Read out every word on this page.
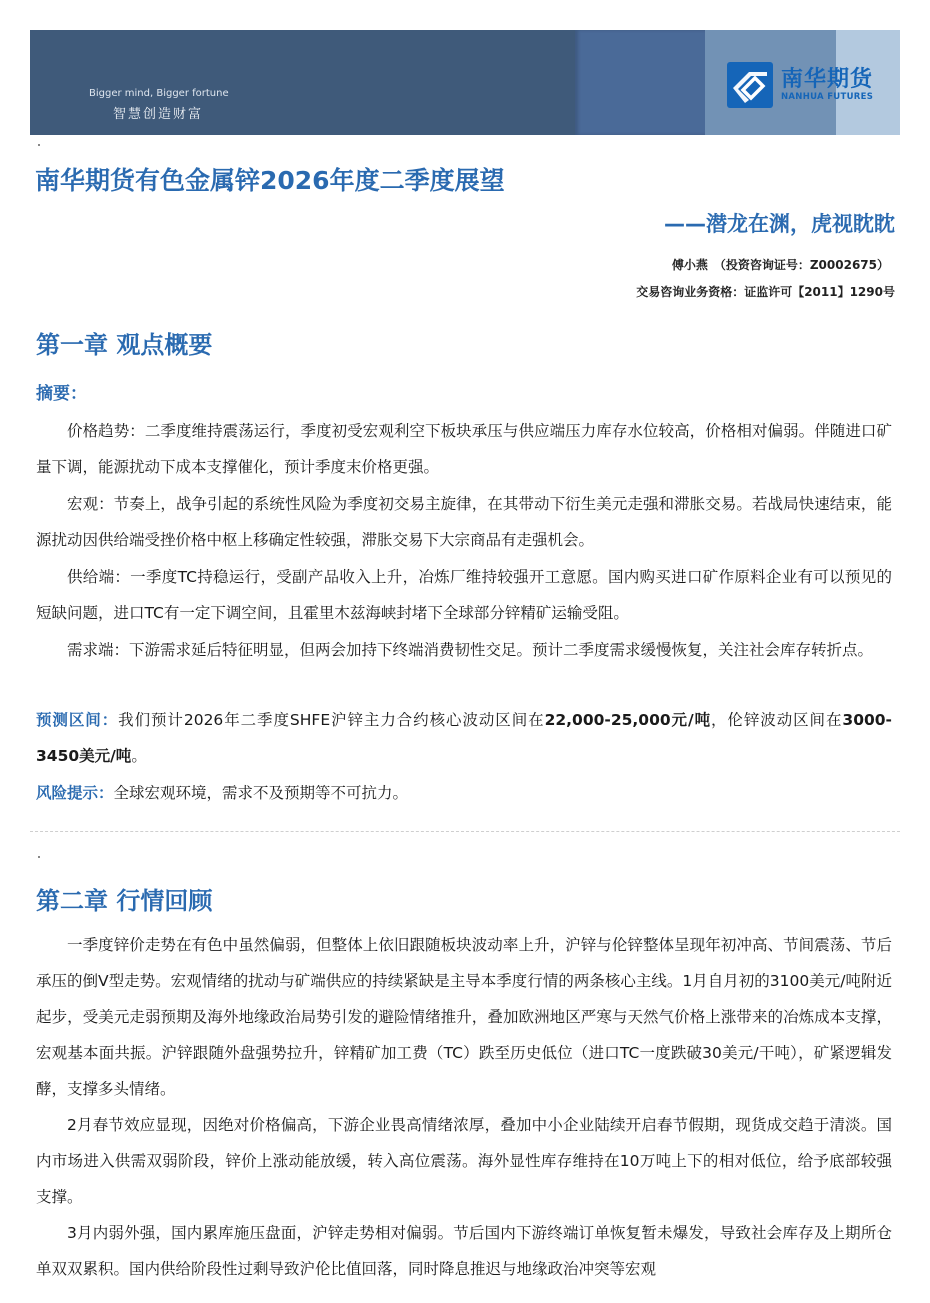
Bigger mind, Bigger fortune
智慧创造财富
南华期货
NANHUA FUTURES
南华期货有色金属锌2026年度二季度展望
——潜龙在渊，虎视眈眈
傅小燕　（投资咨询证号：Z0002675）
交易咨询业务资格：证监许可【2011】1290号
第一章 观点概要
摘要：
价格趋势：二季度维持震荡运行，季度初受宏观利空下板块承压与供应端压力库存水位较高，价格相对偏弱。伴随进口矿量下调，能源扰动下成本支撑催化，预计季度末价格更强。
宏观：节奏上，战争引起的系统性风险为季度初交易主旋律，在其带动下衍生美元走强和滞胀交易。若战局快速结束，能源扰动因供给端受挫价格中枢上移确定性较强，滞胀交易下大宗商品有走强机会。
供给端：一季度TC持稳运行，受副产品收入上升，冶炼厂维持较强开工意愿。国内购买进口矿作原料企业有可以预见的短缺问题，进口TC有一定下调空间，且霍里木兹海峡封堵下全球部分锌精矿运输受阻。
需求端：下游需求延后特征明显，但两会加持下终端消费韧性交足。预计二季度需求缓慢恢复，关注社会库存转折点。
预测区间：我们预计2026年二季度SHFE沪锌主力合约核心波动区间在22,000-25,000元/吨，伦锌波动区间在3000-3450美元/吨。
风险提示：全球宏观环境，需求不及预期等不可抗力。
第二章 行情回顾
一季度锌价走势在有色中虽然偏弱，但整体上依旧跟随板块波动率上升，沪锌与伦锌整体呈现年初冲高、节间震荡、节后承压的倒V型走势。宏观情绪的扰动与矿端供应的持续紧缺是主导本季度行情的两条核心主线。1月自月初的3100美元/吨附近起步，受美元走弱预期及海外地缘政治局势引发的避险情绪推升，叠加欧洲地区严寒与天然气价格上涨带来的冶炼成本支撑，宏观基本面共振。沪锌跟随外盘强势拉升，锌精矿加工费（TC）跌至历史低位（进口TC一度跌破30美元/干吨），矿紧逻辑发酵，支撑多头情绪。
2月春节效应显现，因绝对价格偏高，下游企业畏高情绪浓厚，叠加中小企业陆续开启春节假期，现货成交趋于清淡。国内市场进入供需双弱阶段，锌价上涨动能放缓，转入高位震荡。海外显性库存维持在10万吨上下的相对低位，给予底部较强支撑。
3月内弱外强，国内累库施压盘面，沪锌走势相对偏弱。节后国内下游终端订单恢复暂未爆发，导致社会库存及上期所仓单双双累积。国内供给阶段性过剩导致沪伦比值回落，同时降息推迟与地缘政治冲突等宏观
